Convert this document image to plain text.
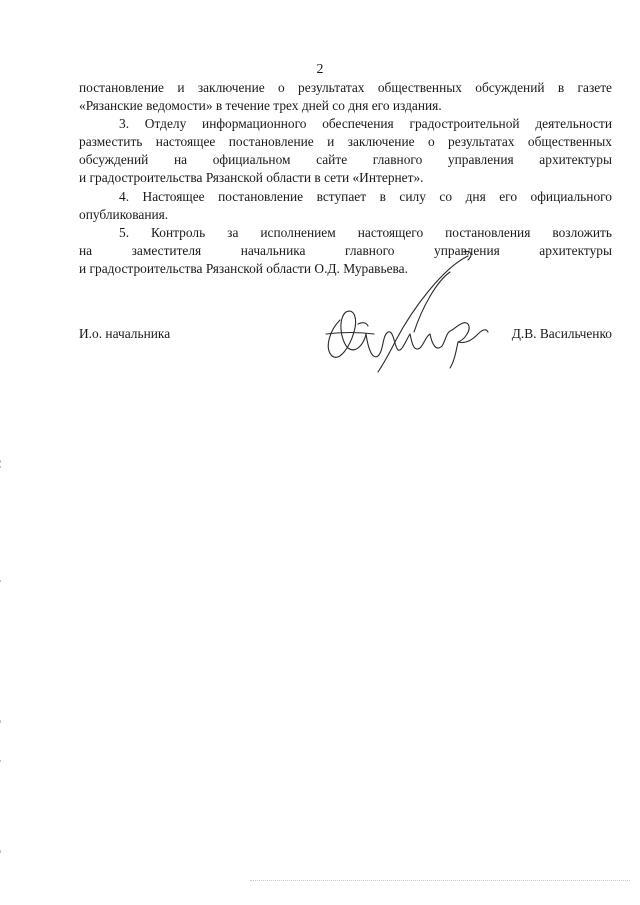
2

постановление и заключение о результатах общественных обсуждений в газете
«Рязанские ведомости» в течение трех дней со дня его издания.

3. Отделу информационного обеспечения градостроительной деятельности
разместить настоящее постановление и заключение о результатах общественных
обсуждений на официальном сайте главного управления архитектуры
и градостроительства Рязанской области в сети «Интернет».

4. Настоящее постановление вступает в силу со дня его официального
опубликования.

5. Контроль за исполнением настоящего постановления возложить
на заместителя начальника главного управления архитектуры
и градостроительства Рязанской области О.Д. Муравьева.

И.о. начальника	Д.В. Васильченко
